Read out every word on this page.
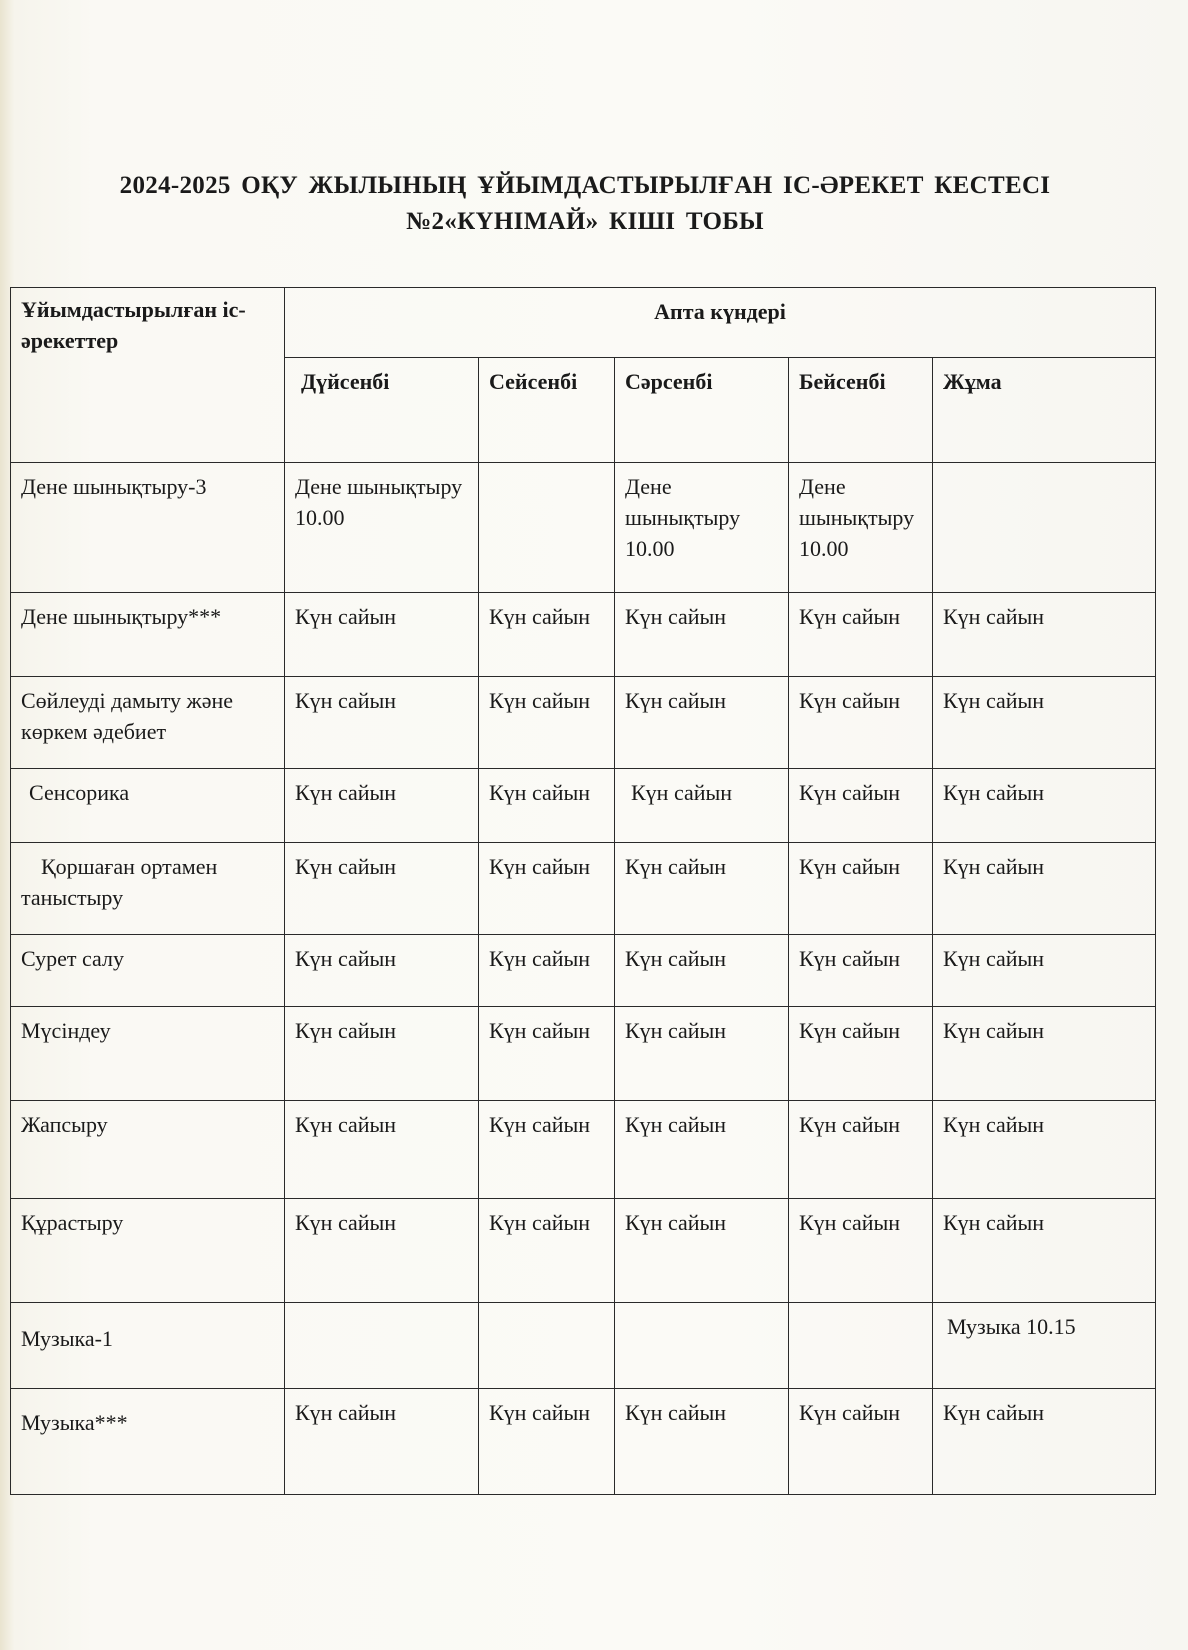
2024-2025 ОҚУ ЖЫЛЫНЫҢ ҰЙЫМДАСТЫРЫЛҒАН ІС-ӘРЕКЕТ КЕСТЕСІ
№2«КҮНІМАЙ» КІШІ ТОБЫ
Ұйымдастырылған іс-әрекеттер	Апта күндері				
	Дүйсенбі	Сейсенбі	Сәрсенбі	Бейсенбі	Жұма
Дене шынықтыру-3	Дене шынықтыру 10.00		Дене шынықтыру 10.00	Дене шынықтыру 10.00	
Дене шынықтыру***	Күн сайын	Күн сайын	Күн сайын	Күн сайын	Күн сайын
Сөйлеуді дамыту және көркем әдебиет	Күн сайын	Күн сайын	Күн сайын	Күн сайын	Күн сайын
Сенсорика	Күн сайын	Күн сайын	Күн сайын	Күн сайын	Күн сайын
Қоршаған ортамен таныстыру	Күн сайын	Күн сайын	Күн сайын	Күн сайын	Күн сайын
Сурет салу	Күн сайын	Күн сайын	Күн сайын	Күн сайын	Күн сайын
Мүсіндеу	Күн сайын	Күн сайын	Күн сайын	Күн сайын	Күн сайын
Жапсыру	Күн сайын	Күн сайын	Күн сайын	Күн сайын	Күн сайын
Құрастыру	Күн сайын	Күн сайын	Күн сайын	Күн сайын	Күн сайын
Музыка-1					Музыка 10.15
Музыка***	Күн сайын	Күн сайын	Күн сайын	Күн сайын	Күн сайын
